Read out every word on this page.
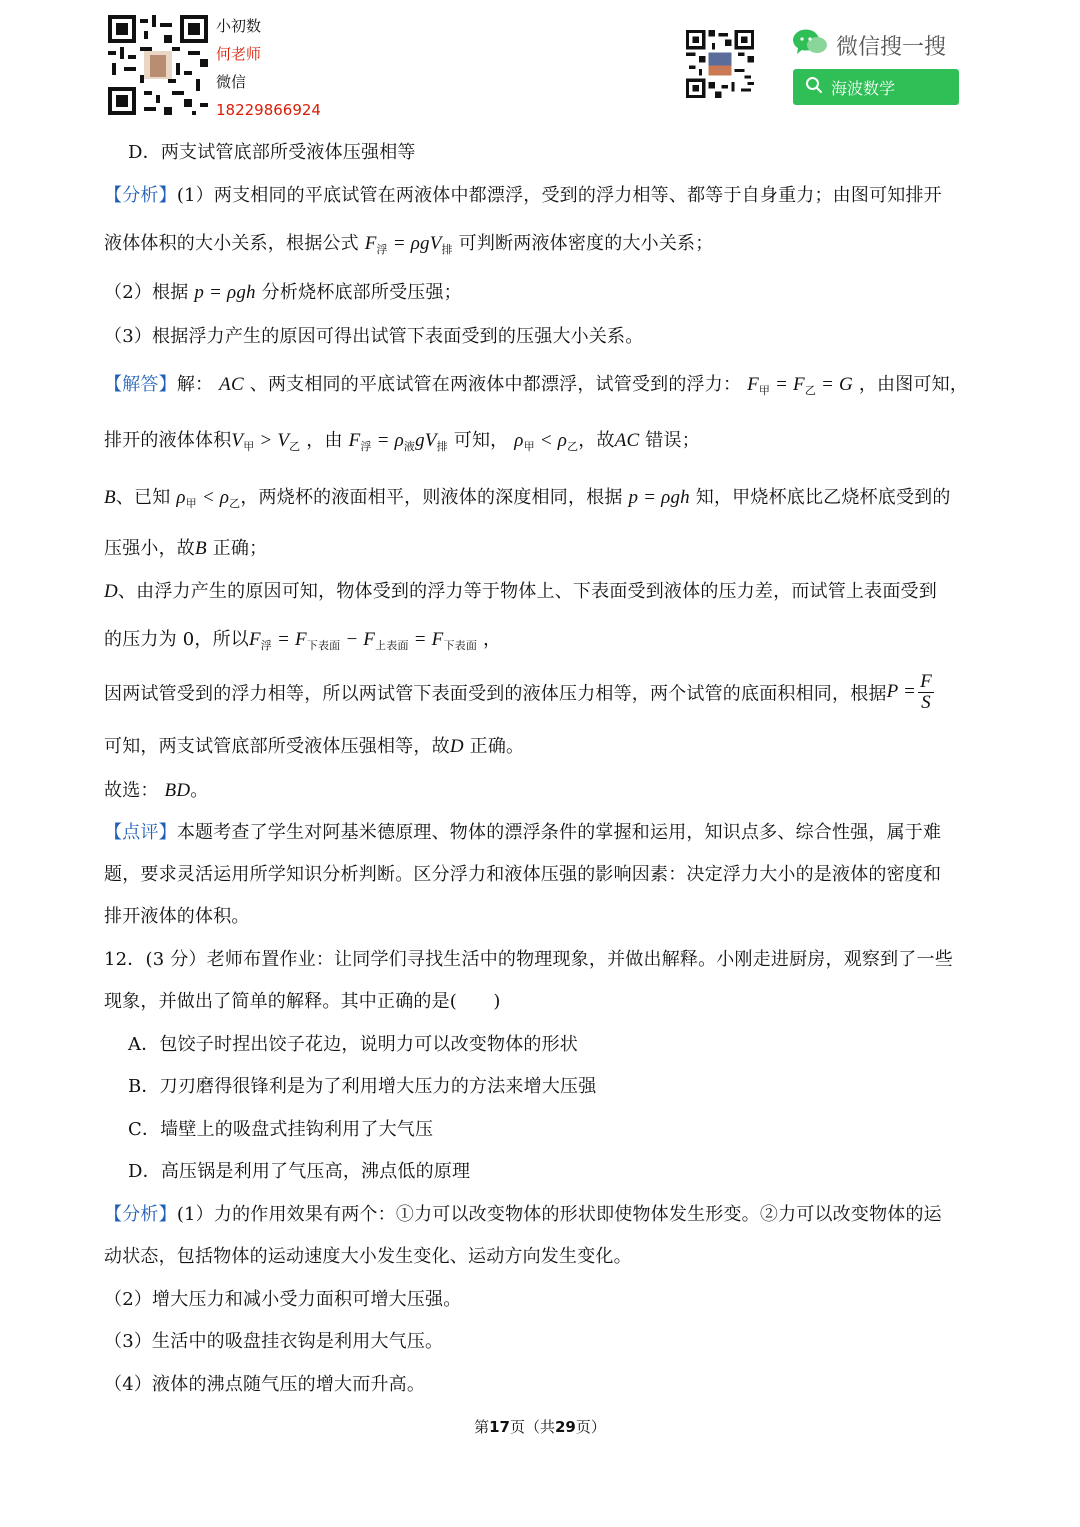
小初数
何老师
微信
18229866924
微信搜一搜
海波数学
D．两支试管底部所受液体压强相等
【分析】(1）两支相同的平底试管在两液体中都漂浮，受到的浮力相等、都等于自身重力；由图可知排开
液体体积的大小关系，根据公式 $F_浮 = \rho gV_排$ 可判断两液体密度的大小关系；
（2）根据 p = ρgh 分析烧杯底部所受压强；
（3）根据浮力产生的原因可得出试管下表面受到的压强大小关系。
【解答】解： AC 、两支相同的平底试管在两液体中都漂浮，试管受到的浮力： $F_甲 = F_乙 = G$ ，由图可知，
排开的液体体积$V_甲 > V_乙$ ，由 $F_浮 = \rho_液gV_排$ 可知， $\rho_甲 < \rho_乙$，故AC 错误；
B、已知 $\rho_甲 < \rho_乙$，两烧杯的液面相平，则液体的深度相同，根据 p = ρgh 知，甲烧杯底比乙烧杯底受到的
压强小，故B 正确；
D、由浮力产生的原因可知，物体受到的浮力等于物体上、下表面受到液体的压力差，而试管上表面受到
的压力为 0，所以$F_浮 = F_{下表面} - F_{上表面} = F_{下表面}$ ，
因两试管受到的浮力相等，所以两试管下表面受到的液体压力相等，两个试管的底面积相同，根据$P = \frac{F}{S}$
可知，两支试管底部所受液体压强相等，故D 正确。
故选： BD。
【点评】本题考查了学生对阿基米德原理、物体的漂浮条件的掌握和运用，知识点多、综合性强，属于难
题，要求灵活运用所学知识分析判断。区分浮力和液体压强的影响因素：决定浮力大小的是液体的密度和
排开液体的体积。
12．(3 分）老师布置作业：让同学们寻找生活中的物理现象，并做出解释。小刚走进厨房，观察到了一些
现象，并做出了简单的解释。其中正确的是(　　)
A．包饺子时捏出饺子花边，说明力可以改变物体的形状
B．刀刃磨得很锋利是为了利用增大压力的方法来增大压强
C．墙壁上的吸盘式挂钩利用了大气压
D．高压锅是利用了气压高，沸点低的原理
【分析】(1）力的作用效果有两个：①力可以改变物体的形状即使物体发生形变。②力可以改变物体的运
动状态，包括物体的运动速度大小发生变化、运动方向发生变化。
（2）增大压力和减小受力面积可增大压强。
（3）生活中的吸盘挂衣钩是利用大气压。
（4）液体的沸点随气压的增大而升高。
第17页（共29页）
